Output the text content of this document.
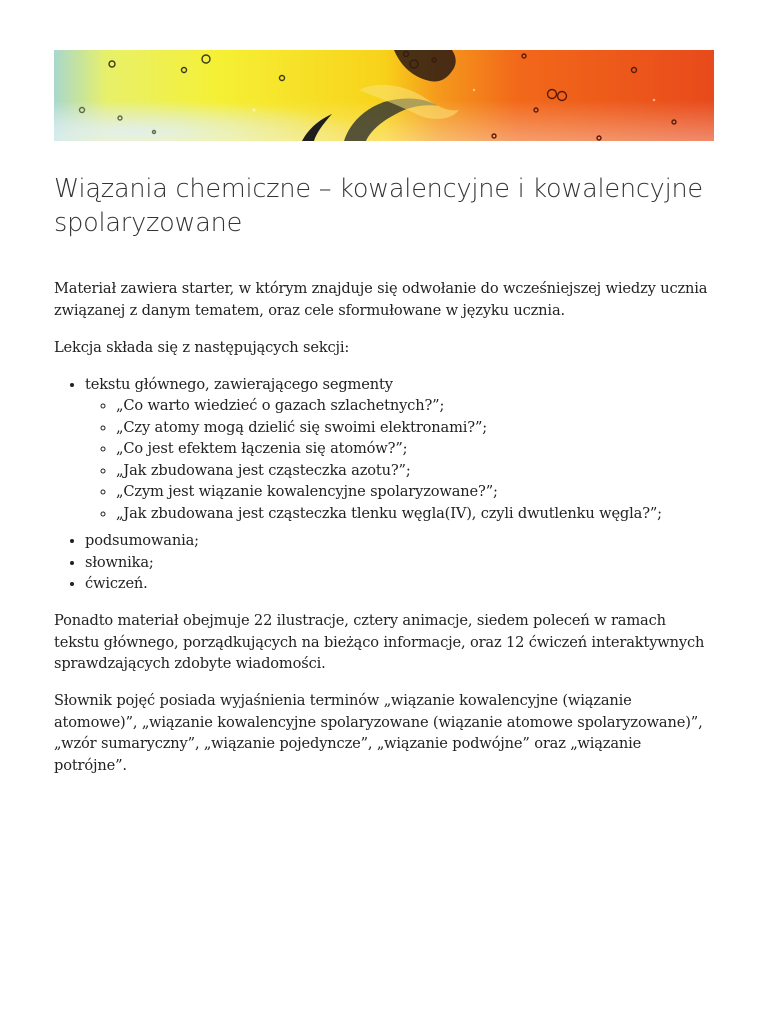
Wiązania chemiczne – kowalencyjne i kowalencyjne spolaryzowane

Materiał zawiera starter, w którym znajduje się odwołanie do wcześniejszej wiedzy ucznia związanej z danym tematem, oraz cele sformułowane w języku ucznia.

Lekcja składa się z następujących sekcji:

• tekstu głównego, zawierającego segmenty
◦ „Co warto wiedzieć o gazach szlachetnych?”;
◦ „Czy atomy mogą dzielić się swoimi elektronami?”;
◦ „Co jest efektem łączenia się atomów?”;
◦ „Jak zbudowana jest cząsteczka azotu?”;
◦ „Czym jest wiązanie kowalencyjne spolaryzowane?”;
◦ „Jak zbudowana jest cząsteczka tlenku węgla(IV), czyli dwutlenku węgla?”;
• podsumowania;
• słownika;
• ćwiczeń.

Ponadto materiał obejmuje 22 ilustracje, cztery animacje, siedem poleceń w ramach tekstu głównego, porządkujących na bieżąco informacje, oraz 12 ćwiczeń interaktywnych sprawdzających zdobyte wiadomości.

Słownik pojęć posiada wyjaśnienia terminów „wiązanie kowalencyjne (wiązanie atomowe)”, „wiązanie kowalencyjne spolaryzowane (wiązanie atomowe spolaryzowane)”, „wzór sumaryczny”, „wiązanie pojedyncze”, „wiązanie podwójne” oraz „wiązanie potrójne”.
